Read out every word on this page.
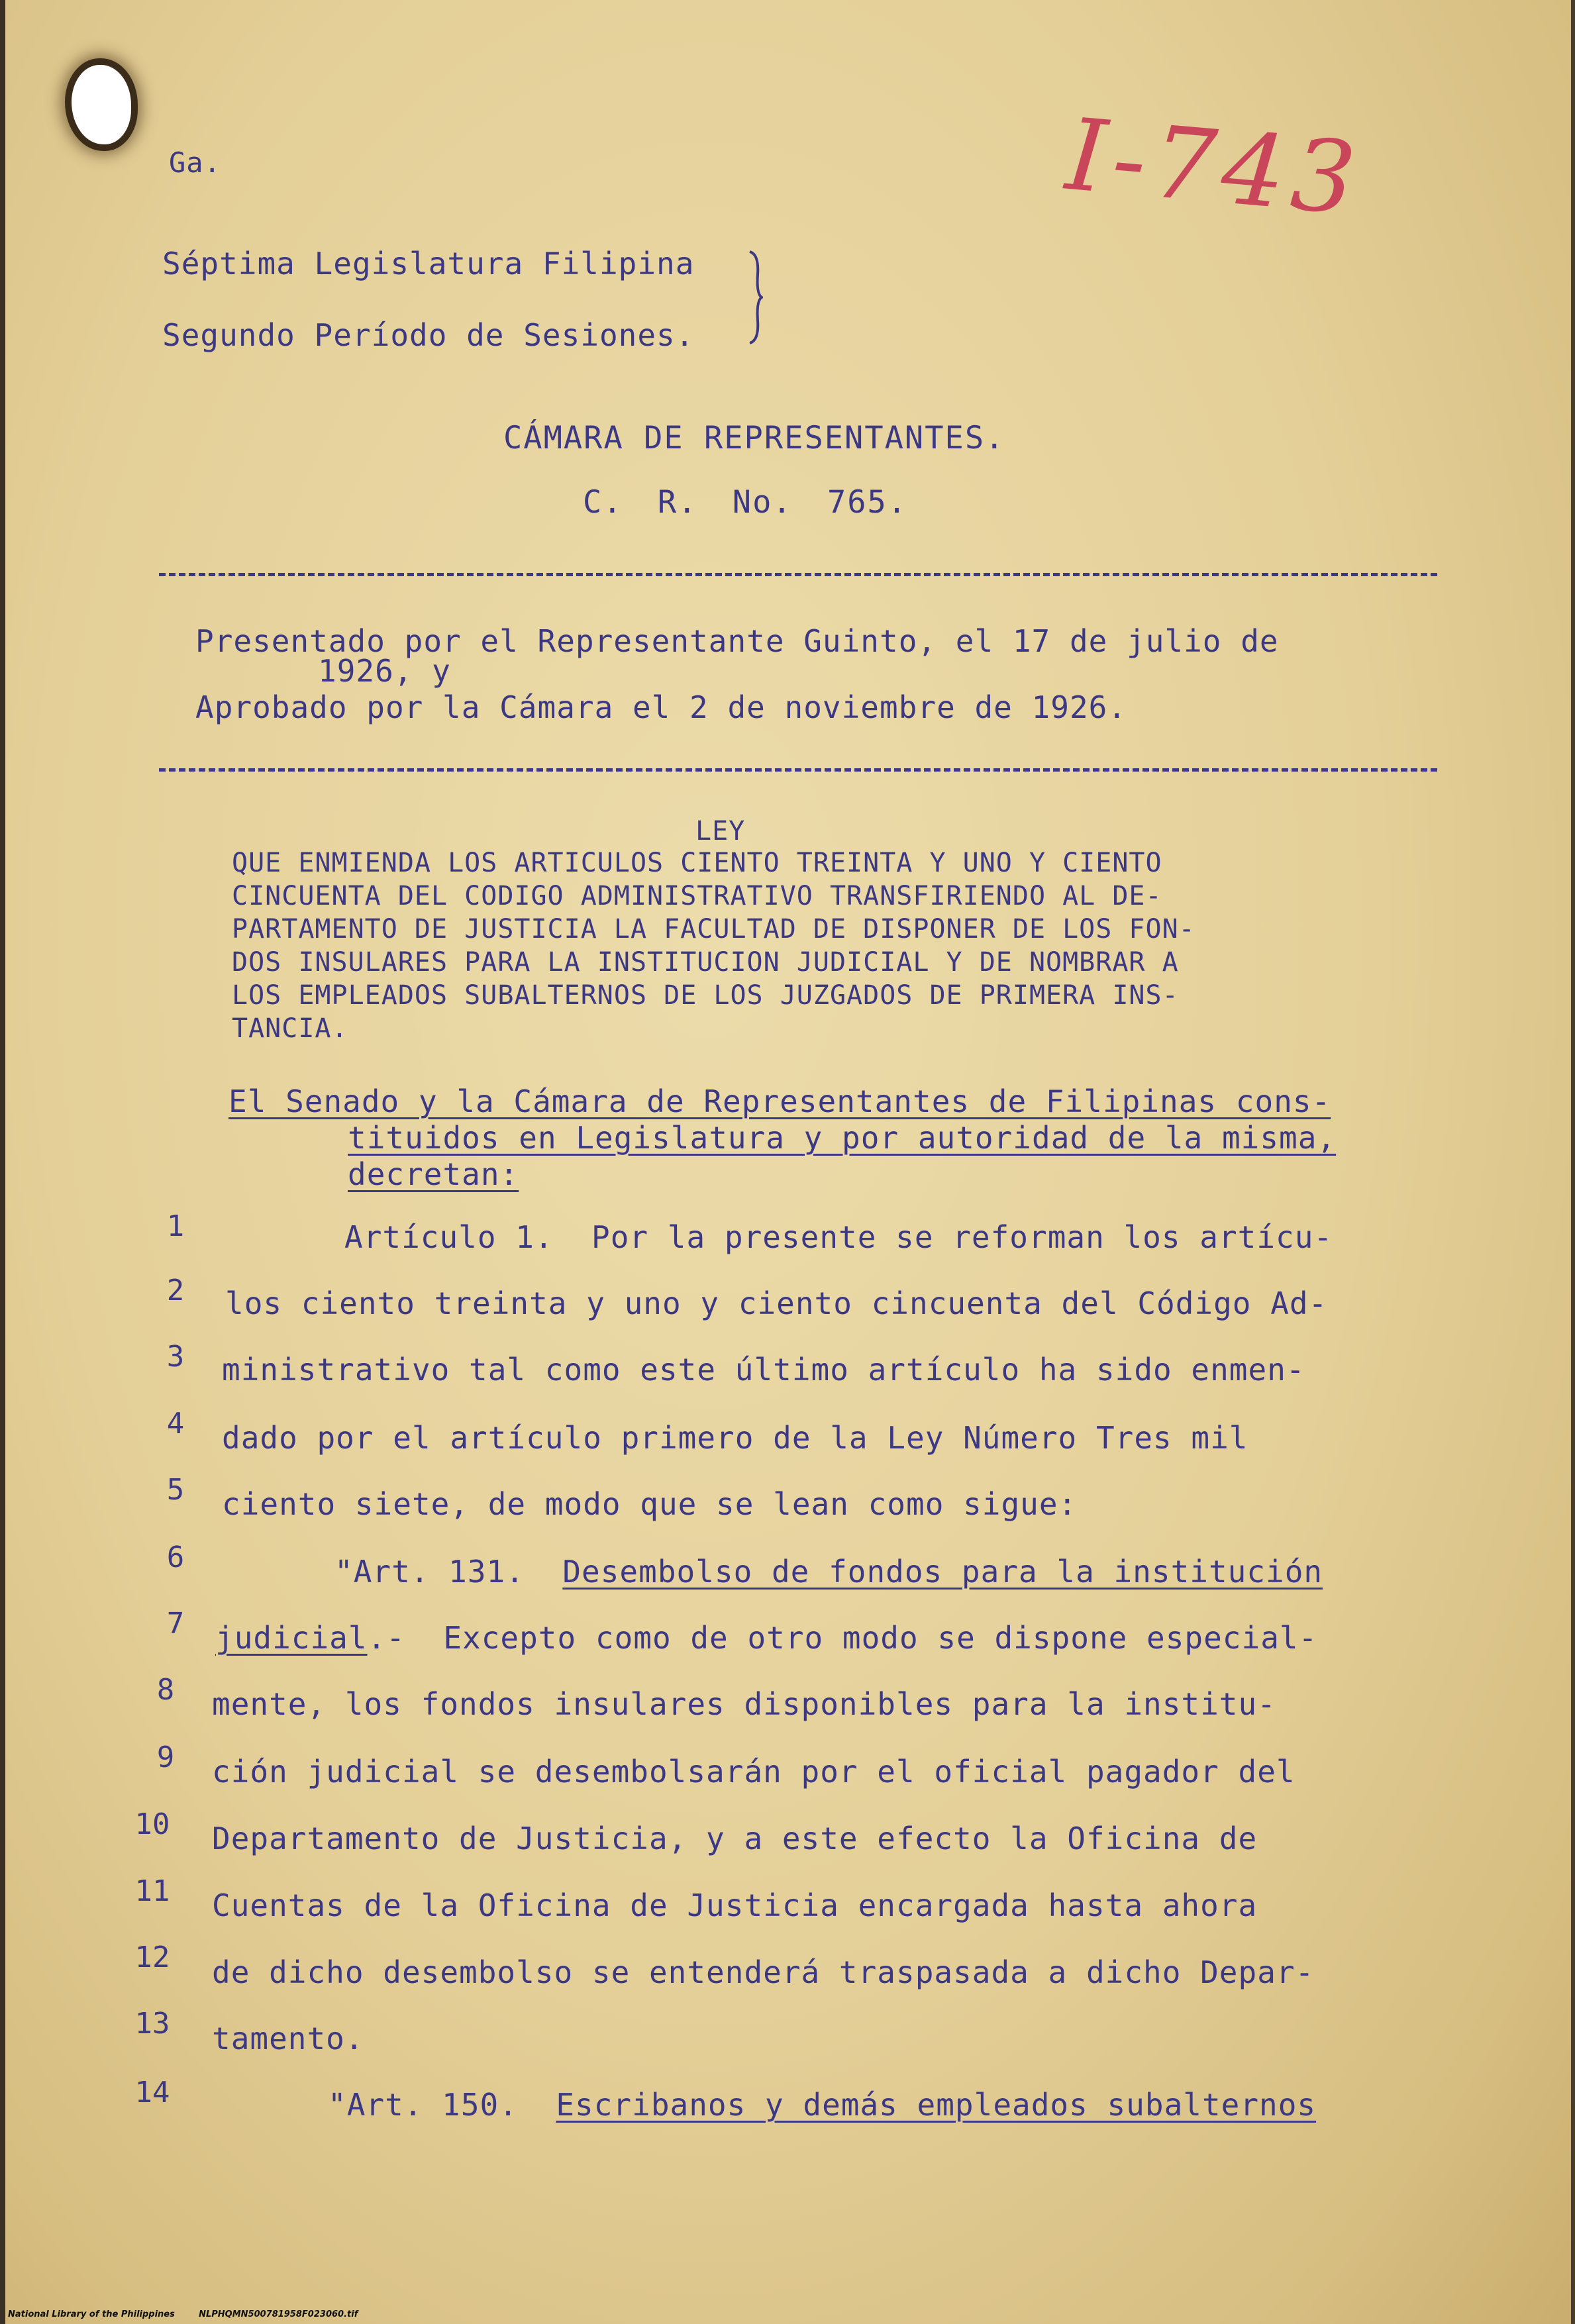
Ga.
Séptima Legislatura Filipina
Segundo Período de Sesiones.
I-743
CÁMARA DE REPRESENTANTES.
C. R. No. 765.
Presentado por el Representante Guinto, el 17 de julio de
1926, y
Aprobado por la Cámara el 2 de noviembre de 1926.
LEY
QUE ENMIENDA LOS ARTICULOS CIENTO TREINTA Y UNO Y CIENTO
CINCUENTA DEL CODIGO ADMINISTRATIVO TRANSFIRIENDO AL DE-
PARTAMENTO DE JUSTICIA LA FACULTAD DE DISPONER DE LOS FON-
DOS INSULARES PARA LA INSTITUCION JUDICIAL Y DE NOMBRAR A
LOS EMPLEADOS SUBALTERNOS DE LOS JUZGADOS DE PRIMERA INS-
TANCIA.
El Senado y la Cámara de Representantes de Filipinas cons-
tituidos en Legislatura y por autoridad de la misma,
decretan:
1	Artículo 1.  Por la presente se reforman los artícu-
2	los ciento treinta y uno y ciento cincuenta del Código Ad-
3	ministrativo tal como este último artículo ha sido enmen-
4	dado por el artículo primero de la Ley Número Tres mil
5	ciento siete, de modo que se lean como sigue:
6	"Art. 131.  Desembolso de fondos para la institución
7	judicial.-  Excepto como de otro modo se dispone especial-
8	mente, los fondos insulares disponibles para la institu-
9	ción judicial se desembolsarán por el oficial pagador del
10 Departamento de Justicia, y a este efecto la Oficina de
11 Cuentas de la Oficina de Justicia encargada hasta ahora
12 de dicho desembolso se entenderá traspasada a dicho Depar-
13 tamento.
14	"Art. 150.  Escribanos y demás empleados subalternos
National Library of the Philippines	NLPHQMN500781958F023060.tif
